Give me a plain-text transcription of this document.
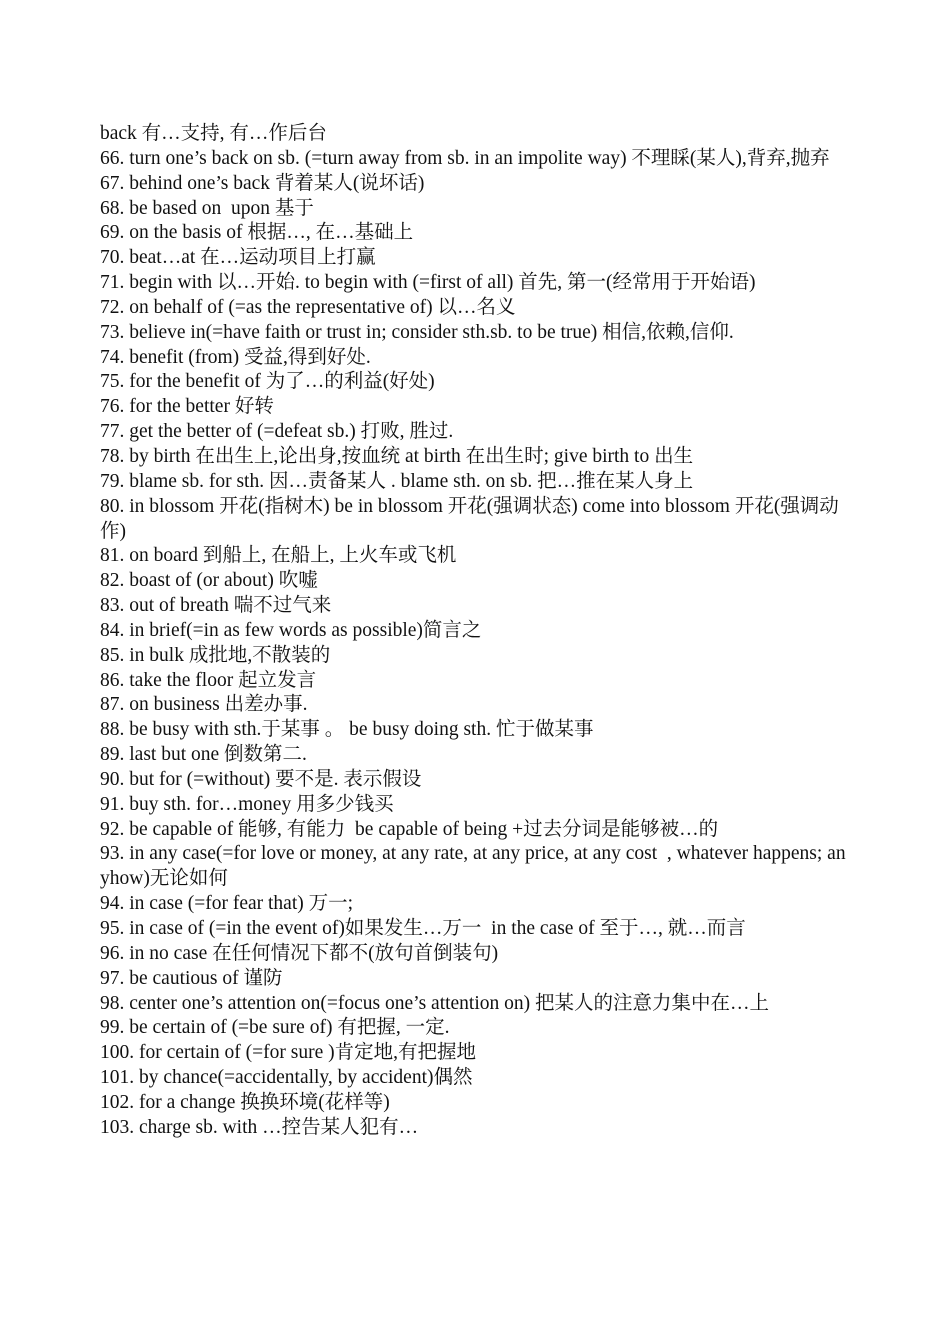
back 有…支持, 有…作后台
66. turn one’s back on sb. (=turn away from sb. in an impolite way) 不理睬(某人),背弃,抛弃
67. behind one’s back 背着某人(说坏话)
68. be based on  upon 基于
69. on the basis of 根据…, 在…基础上
70. beat…at 在…运动项目上打赢
71. begin with 以…开始. to begin with (=first of all) 首先, 第一(经常用于开始语)
72. on behalf of (=as the representative of) 以…名义
73. believe in(=have faith or trust in; consider sth.sb. to be true) 相信,依赖,信仰.
74. benefit (from) 受益,得到好处.
75. for the benefit of 为了…的利益(好处)
76. for the better 好转
77. get the better of (=defeat sb.) 打败, 胜过.
78. by birth 在出生上,论出身,按血统 at birth 在出生时; give birth to 出生
79. blame sb. for sth. 因…责备某人 . blame sth. on sb. 把…推在某人身上
80. in blossom 开花(指树木) be in blossom 开花(强调状态) come into blossom 开花(强调动作)
81. on board 到船上, 在船上, 上火车或飞机
82. boast of (or about) 吹嘘
83. out of breath 喘不过气来
84. in brief(=in as few words as possible)简言之
85. in bulk 成批地,不散装的
86. take the floor 起立发言
87. on business 出差办事.
88. be busy with sth.于某事 。 be busy doing sth. 忙于做某事
89. last but one 倒数第二.
90. but for (=without) 要不是. 表示假设
91. buy sth. for…money 用多少钱买
92. be capable of 能够, 有能力  be capable of being +过去分词是能够被…的
93. in any case(=for love or money, at any rate, at any price, at any cost  , whatever happens; anyhow)无论如何
94. in case (=for fear that) 万一;
95. in case of (=in the event of)如果发生…万一  in the case of 至于…, 就…而言
96. in no case 在任何情况下都不(放句首倒装句)
97. be cautious of 谨防
98. center one’s attention on(=focus one’s attention on) 把某人的注意力集中在…上
99. be certain of (=be sure of) 有把握, 一定.
100. for certain of (=for sure )肯定地,有把握地
101. by chance(=accidentally, by accident)偶然
102. for a change 换换环境(花样等)
103. charge sb. with …控告某人犯有…
